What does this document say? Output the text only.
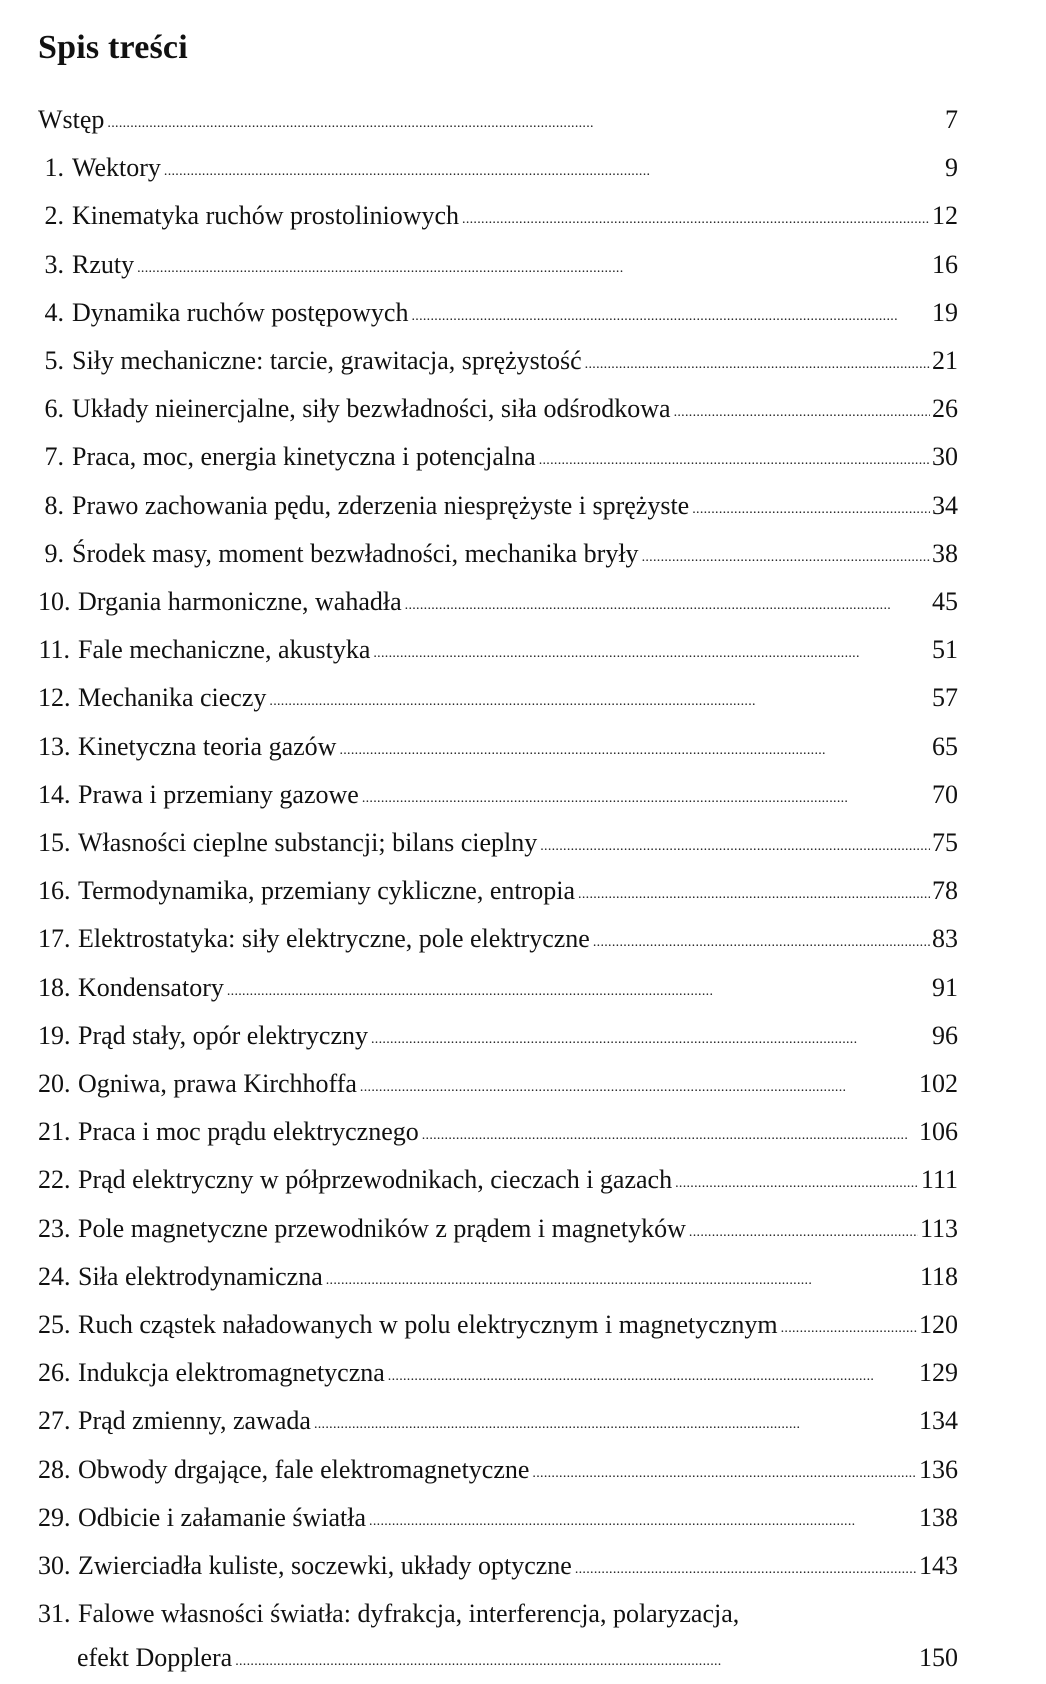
Spis treści
Wstęp . . .	7
1. Wektory . . .	9
2. Kinematyka ruchów prostoliniowych . . .	12
3. Rzuty . . .	16
4. Dynamika ruchów postępowych . . .	19
5. Siły mechaniczne: tarcie, grawitacja, sprężystość . . .	21
6. Układy nieinercjalne, siły bezwładności, siła odśrodkowa . . .	26
7. Praca, moc, energia kinetyczna i potencjalna . . .	30
8. Prawo zachowania pędu, zderzenia niesprężyste i sprężyste . . .	34
9. Środek masy, moment bezwładności, mechanika bryły . . .	38
10. Drgania harmoniczne, wahadła . . .	45
11. Fale mechaniczne, akustyka . . .	51
12. Mechanika cieczy . . .	57
13. Kinetyczna teoria gazów . . .	65
14. Prawa i przemiany gazowe . . .	70
15. Własności cieplne substancji; bilans cieplny . . .	75
16. Termodynamika, przemiany cykliczne, entropia . . .	78
17. Elektrostatyka: siły elektryczne, pole elektryczne . . .	83
18. Kondensatory . . .	91
19. Prąd stały, opór elektryczny . . .	96
20. Ogniwa, prawa Kirchhoffa . . .	102
21. Praca i moc prądu elektrycznego . . .	106
22. Prąd elektryczny w półprzewodnikach, cieczach i gazach . . .	111
23. Pole magnetyczne przewodników z prądem i magnetyków . . .	113
24. Siła elektrodynamiczna . . .	118
25. Ruch cząstek naładowanych w polu elektrycznym i magnetycznym . . .	120
26. Indukcja elektromagnetyczna . . .	129
27. Prąd zmienny, zawada . . .	134
28. Obwody drgające, fale elektromagnetyczne . . .	136
29. Odbicie i załamanie światła . . .	138
30. Zwierciadła kuliste, soczewki, układy optyczne . . .	143
31. Falowe własności światła: dyfrakcja, interferencja, polaryzacja,
efekt Dopplera . . .	150
